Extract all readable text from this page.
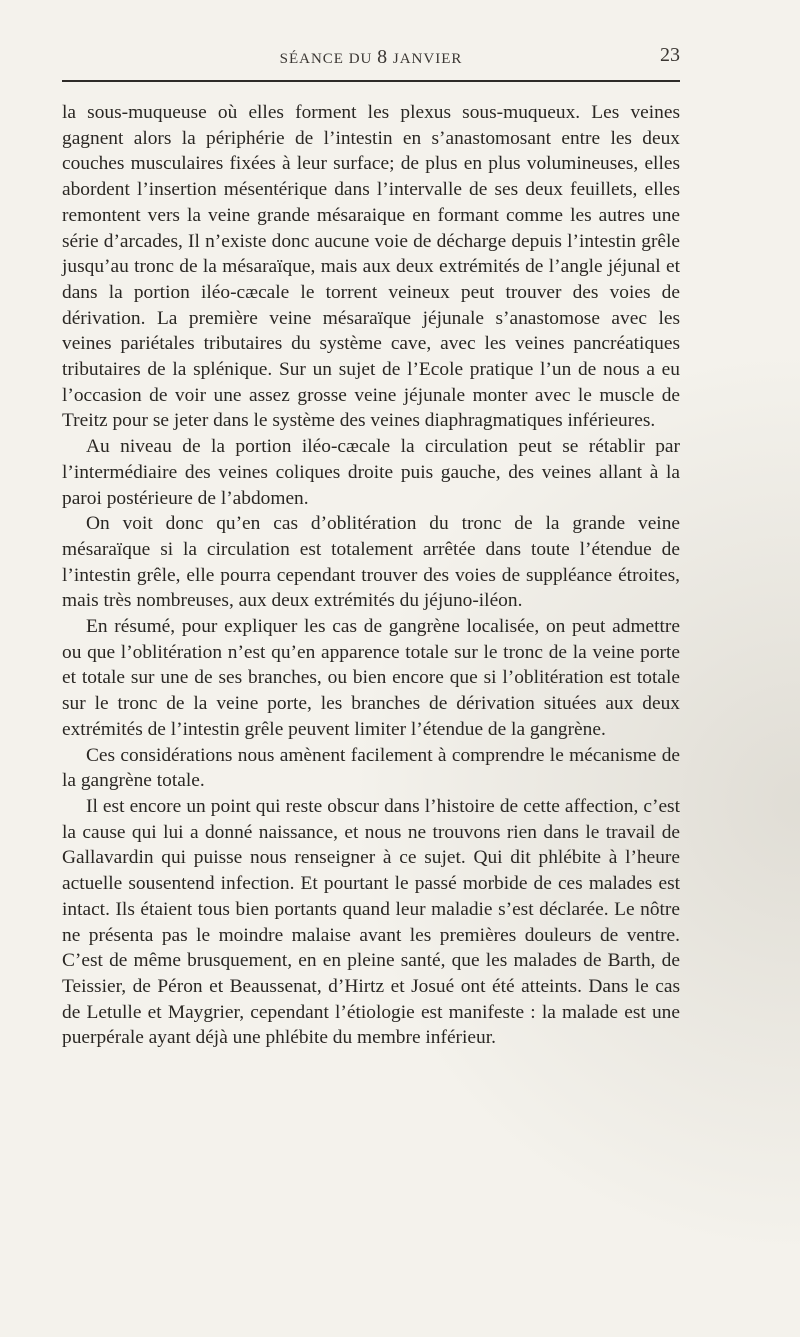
SÉANCE DU 8 JANVIER	23

la sous-muqueuse où elles forment les plexus sous-muqueux. Les veines gagnent alors la périphérie de l’intestin en s’anastomosant entre les deux couches musculaires fixées à leur surface; de plus en plus volumineuses, elles abordent l’insertion mésentérique dans l’intervalle de ses deux feuillets, elles remontent vers la veine grande mésaraique en formant comme les autres une série d’arcades, Il n’existe donc aucune voie de décharge depuis l’intestin grêle jusqu’au tronc de la mésaraïque, mais aux deux extrémités de l’angle jéjunal et dans la portion iléo-cæcale le torrent veineux peut trouver des voies de dérivation. La première veine mésaraïque jéjunale s’anastomose avec les veines pariétales tributaires du système cave, avec les veines pancréatiques tributaires de la splénique. Sur un sujet de l’Ecole pratique l’un de nous a eu l’occasion de voir une assez grosse veine jéjunale monter avec le muscle de Treitz pour se jeter dans le système des veines diaphragmatiques inférieures.

Au niveau de la portion iléo-cæcale la circulation peut se rétablir par l’intermédiaire des veines coliques droite puis gauche, des veines allant à la paroi postérieure de l’abdomen.

On voit donc qu’en cas d’oblitération du tronc de la grande veine mésaraïque si la circulation est totalement arrêtée dans toute l’étendue de l’intestin grêle, elle pourra cependant trouver des voies de suppléance étroites, mais très nombreuses, aux deux extrémités du jéjuno-iléon.

En résumé, pour expliquer les cas de gangrène localisée, on peut admettre ou que l’oblitération n’est qu’en apparence totale sur le tronc de la veine porte et totale sur une de ses branches, ou bien encore que si l’oblitération est totale sur le tronc de la veine porte, les branches de dérivation situées aux deux extrémités de l’intestin grêle peuvent limiter l’étendue de la gangrène.

Ces considérations nous amènent facilement à comprendre le mécanisme de la gangrène totale.

Il est encore un point qui reste obscur dans l’histoire de cette affection, c’est la cause qui lui a donné naissance, et nous ne trouvons rien dans le travail de Gallavardin qui puisse nous renseigner à ce sujet. Qui dit phlébite à l’heure actuelle sousentend infection. Et pourtant le passé morbide de ces malades est intact. Ils étaient tous bien portants quand leur maladie s’est déclarée. Le nôtre ne présenta pas le moindre malaise avant les premières douleurs de ventre. C’est de même brusquement, en en pleine santé, que les malades de Barth, de Teissier, de Péron et Beaussenat, d’Hirtz et Josué ont été atteints. Dans le cas de Letulle et Maygrier, cependant l’étiologie est manifeste : la malade est une puerpérale ayant déjà une phlébite du membre inférieur.
